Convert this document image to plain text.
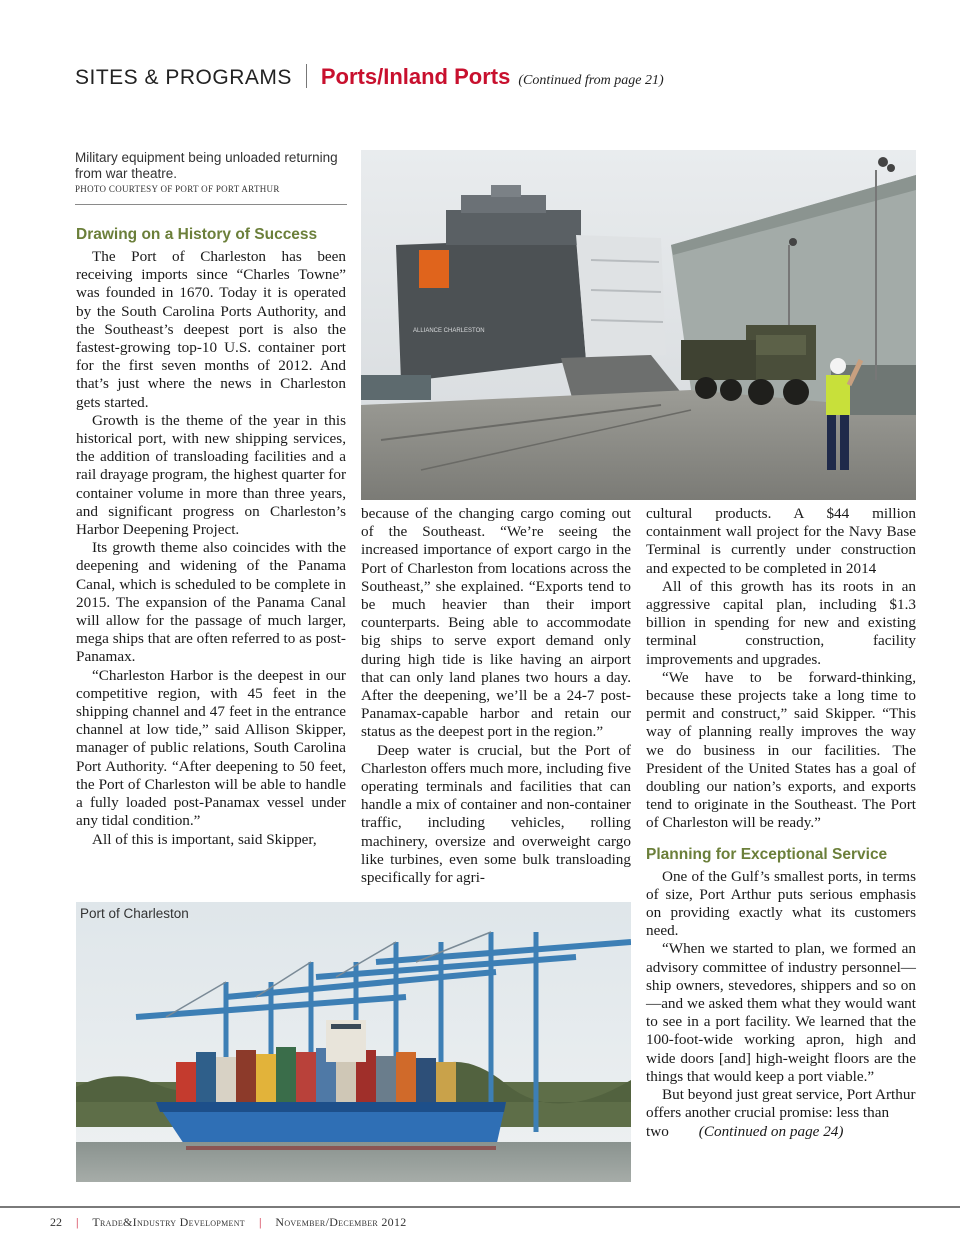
SITES & PROGRAMS Ports/Inland Ports (Continued from page 21)
Military equipment being unloaded returning from war theatre.
PHOTO COURTESY OF PORT OF PORT ARTHUR
ALLIANCE CHARLESTON
Drawing on a History of Success

The Port of Charleston has been receiving imports since “Charles Towne” was founded in 1670. Today it is operated by the South Carolina Ports Authority, and the Southeast’s deepest port is also the fastest-growing top-10 U.S. container port for the first seven months of 2012. And that’s just where the news in Charleston gets started.

Growth is the theme of the year in this historical port, with new shipping services, the addition of transloading facilities and a rail drayage program, the highest quarter for container volume in more than three years, and significant progress on Charleston’s Harbor Deepening Project.

Its growth theme also coincides with the deepening and widening of the Panama Canal, which is scheduled to be complete in 2015. The expansion of the Panama Canal will allow for the passage of much larger, mega ships that are often referred to as post-Panamax.

“Charleston Harbor is the deepest in our competitive region, with 45 feet in the shipping channel and 47 feet in the entrance channel at low tide,” said Allison Skipper, manager of public relations, South Carolina Port Authority. “After deepening to 50 feet, the Port of Charleston will be able to handle a fully loaded post-Panamax vessel under any tidal condition.”

All of this is important, said Skipper,

because of the changing cargo coming out of the Southeast. “We’re seeing the increased importance of export cargo in the Port of Charleston from locations across the Southeast,” she explained. “Exports tend to be much heavier than their import counterparts. Being able to accommodate big ships to serve export demand only during high tide is like having an airport that can only land planes two hours a day. After the deepening, we’ll be a 24-7 post-Panamax-capable harbor and retain our status as the deepest port in the region.”

Deep water is crucial, but the Port of Charleston offers much more, including five operating terminals and facilities that can handle a mix of container and non-container traffic, including vehicles, rolling machinery, oversize and overweight cargo like turbines, even some bulk transloading specifically for agri-

cultural products. A $44 million containment wall project for the Navy Base Terminal is currently under construction and expected to be completed in 2014

All of this growth has its roots in an aggressive capital plan, including $1.3 billion in spending for new and existing terminal construction, facility improvements and upgrades.

“We have to be forward-thinking, because these projects take a long time to permit and construct,” said Skipper. “This way of planning really improves the way we do business in our facilities. The President of the United States has a goal of doubling our nation’s exports, and exports tend to originate in the Southeast. The Port of Charleston will be ready.”

Planning for Exceptional Service

One of the Gulf’s smallest ports, in terms of size, Port Arthur puts serious emphasis on providing exactly what its customers need.

“When we started to plan, we formed an advisory committee of industry personnel—ship owners, stevedores, shippers and so on—and we asked them what they would want to see in a port facility. We learned that the 100-foot-wide working apron, high and wide doors [and] high-weight floors are the things that would keep a port viable.”

But beyond just great service, Port Arthur offers another crucial promise: less than two (Continued on page 24)

Port of Charleston
22 | Trade&Industry Development | November/December 2012
